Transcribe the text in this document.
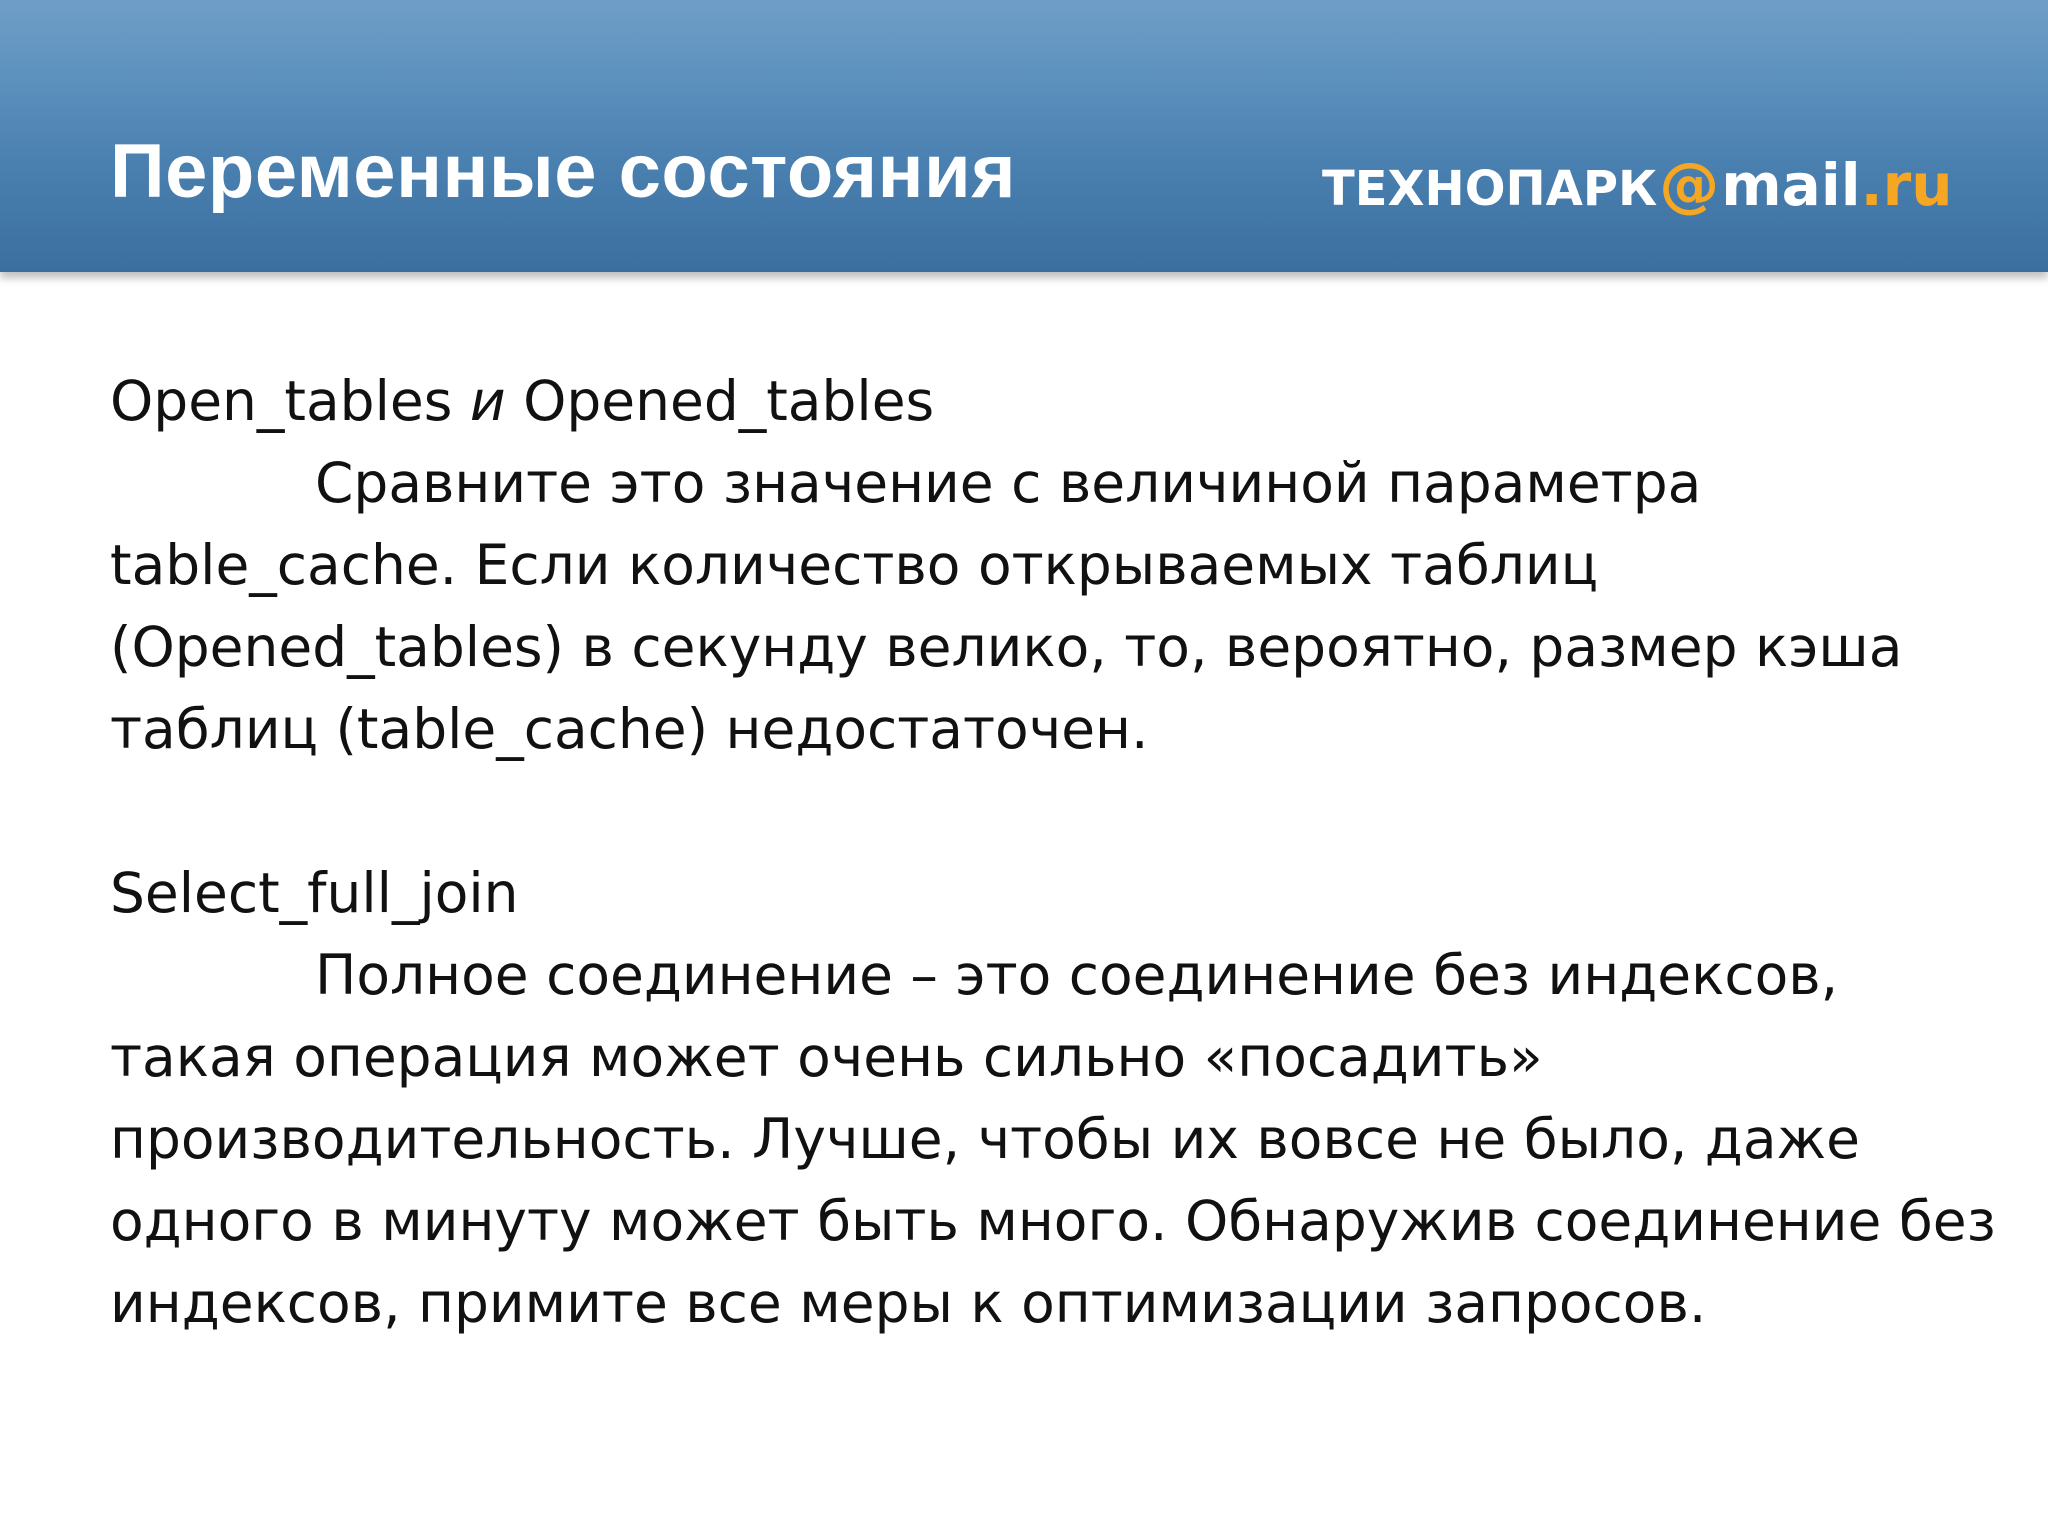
Переменные состояния	ТЕХНОПАРК @ mail . ru
Open_tables и Opened_tables
Сравните это значение с величиной параметра
table_cache. Если количество открываемых таблиц
(Opened_tables) в секунду велико, то, вероятно, размер кэша
таблиц (table_cache) недостаточен.
Select_full_join
Полное соединение – это соединение без индексов,
такая операция может очень сильно «посадить»
производительность. Лучше, чтобы их вовсе не было, даже
одного в минуту может быть много. Обнаружив соединение без
индексов, примите все меры к оптимизации запросов.
